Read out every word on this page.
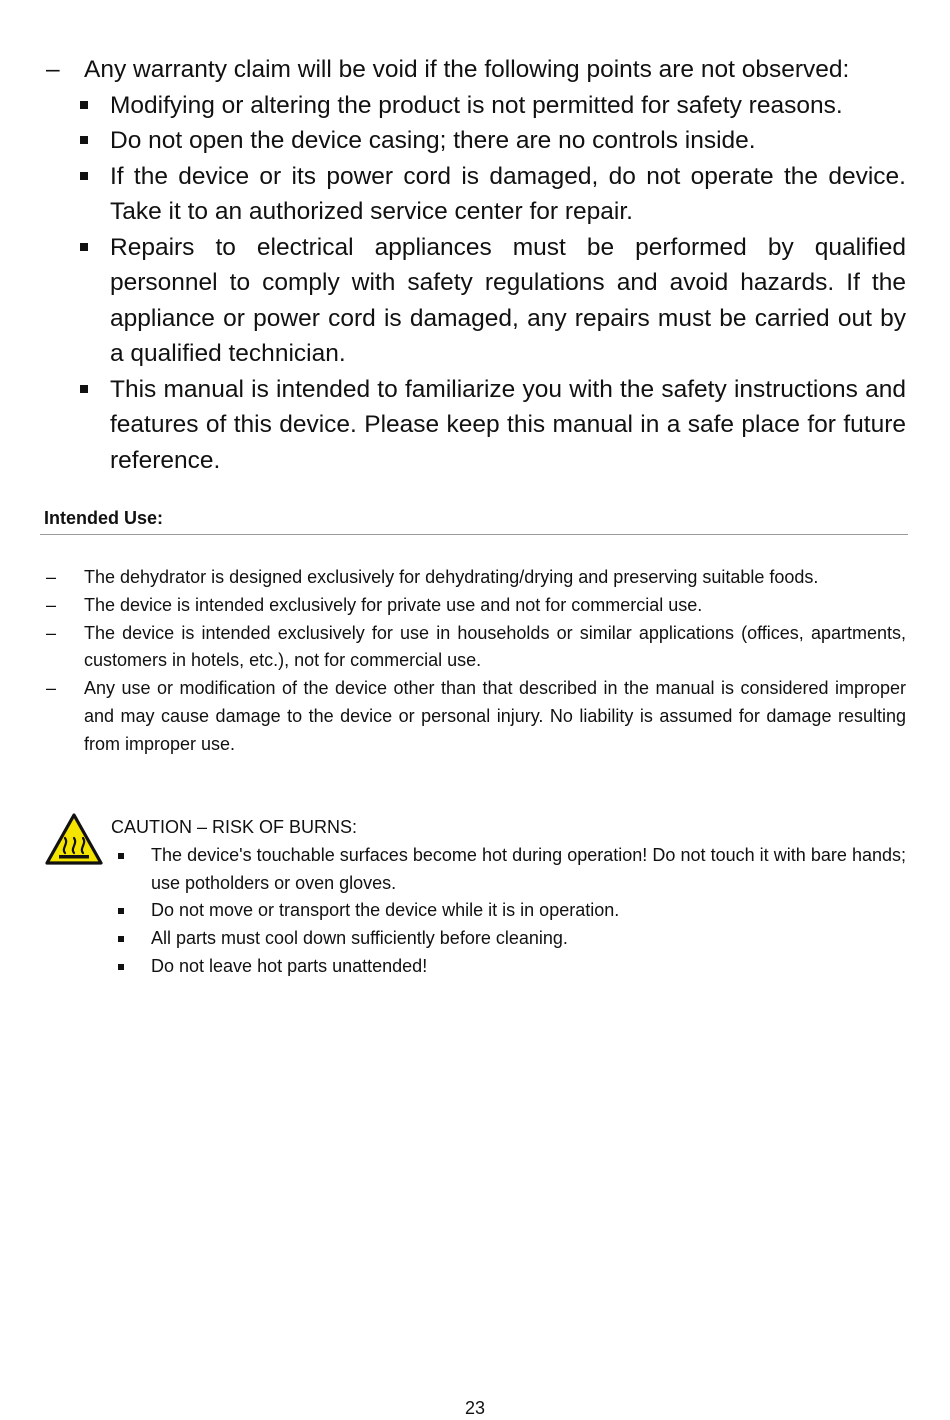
– Any warranty claim will be void if the following points are not observed:
Modifying or altering the product is not permitted for safety reasons.
Do not open the device casing; there are no controls inside.
If the device or its power cord is damaged, do not operate the device. Take it to an authorized service center for repair.
Repairs to electrical appliances must be performed by qualified personnel to comply with safety regulations and avoid hazards. If the appliance or power cord is damaged, any repairs must be carried out by a qualified technician.
This manual is intended to familiarize you with the safety instructions and features of this device. Please keep this manual in a safe place for future reference.
Intended Use:
–	The dehydrator is designed exclusively for dehydrating/drying and preserving suitable foods.
–	The device is intended exclusively for private use and not for commercial use.
–	The device is intended exclusively for use in households or similar applications (offices, apartments, customers in hotels, etc.), not for commercial use.
–	Any use or modification of the device other than that described in the manual is considered improper and may cause damage to the device or personal injury. No liability is assumed for damage resulting from improper use.
CAUTION – RISK OF BURNS:
The device's touchable surfaces become hot during operation! Do not touch it with bare hands; use potholders or oven gloves.
Do not move or transport the device while it is in operation.
All parts must cool down sufficiently before cleaning.
Do not leave hot parts unattended!
23
